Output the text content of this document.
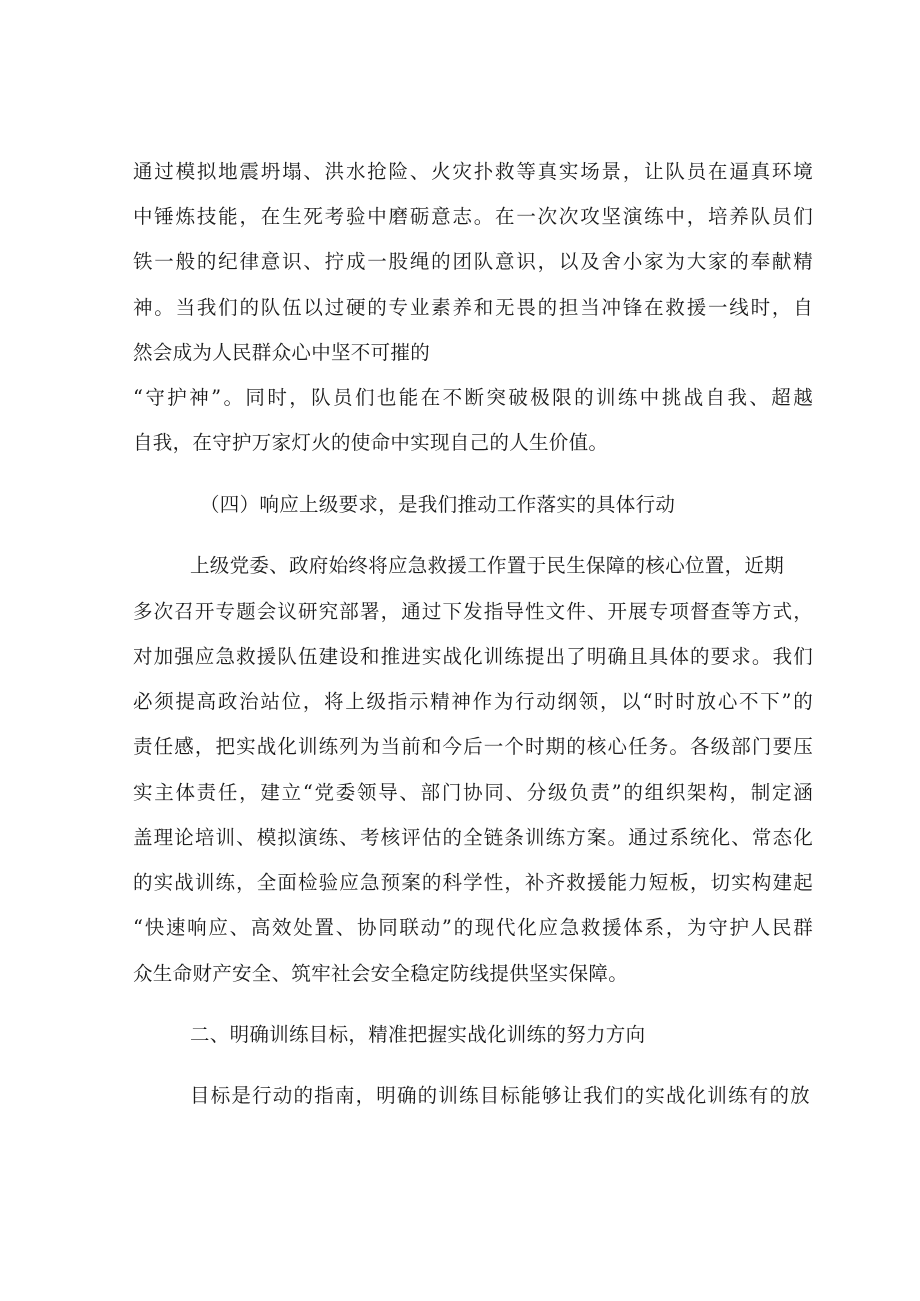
通过模拟地震坍塌、洪水抢险、火灾扑救等真实场景，让队员在逼真环境
中锤炼技能，在生死考验中磨砺意志。在一次次攻坚演练中，培养队员们
铁一般的纪律意识、拧成一股绳的团队意识，以及舍小家为大家的奉献精
神。当我们的队伍以过硬的专业素养和无畏的担当冲锋在救援一线时，自
然会成为人民群众心中坚不可摧的
“守护神”。同时，队员们也能在不断突破极限的训练中挑战自我、超越
自我，在守护万家灯火的使命中实现自己的人生价值。
（四）响应上级要求，是我们推动工作落实的具体行动
上级党委、政府始终将应急救援工作置于民生保障的核心位置，近期
多次召开专题会议研究部署，通过下发指导性文件、开展专项督查等方式，
对加强应急救援队伍建设和推进实战化训练提出了明确且具体的要求。我们
必须提高政治站位，将上级指示精神作为行动纲领，以“时时放心不下”的
责任感，把实战化训练列为当前和今后一个时期的核心任务。各级部门要压
实主体责任，建立“党委领导、部门协同、分级负责”的组织架构，制定涵
盖理论培训、模拟演练、考核评估的全链条训练方案。通过系统化、常态化
的实战训练，全面检验应急预案的科学性，补齐救援能力短板，切实构建起
“快速响应、高效处置、协同联动”的现代化应急救援体系，为守护人民群
众生命财产安全、筑牢社会安全稳定防线提供坚实保障。
二、明确训练目标，精准把握实战化训练的努力方向
目标是行动的指南，明确的训练目标能够让我们的实战化训练有的放
